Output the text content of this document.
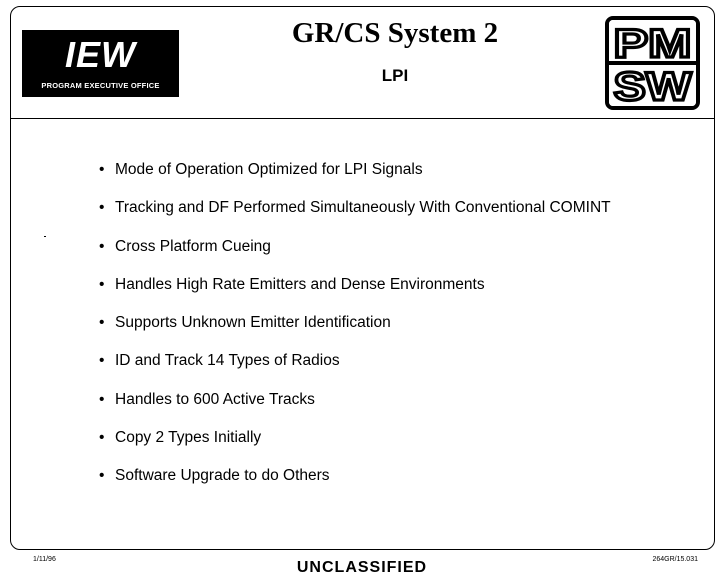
IEW
PROGRAM EXECUTIVE OFFICE
GR/CS System 2
LPI
PM
SW
• Mode of Operation Optimized for LPI Signals
• Tracking and DF Performed Simultaneously With Conventional COMINT
• Cross Platform Cueing
• Handles High Rate Emitters and Dense Environments
• Supports Unknown Emitter Identification
• ID and Track 14 Types of Radios
• Handles to 600 Active Tracks
• Copy 2 Types Initially
• Software Upgrade to do Others
1/11/96	UNCLASSIFIED	264GR/15.031
